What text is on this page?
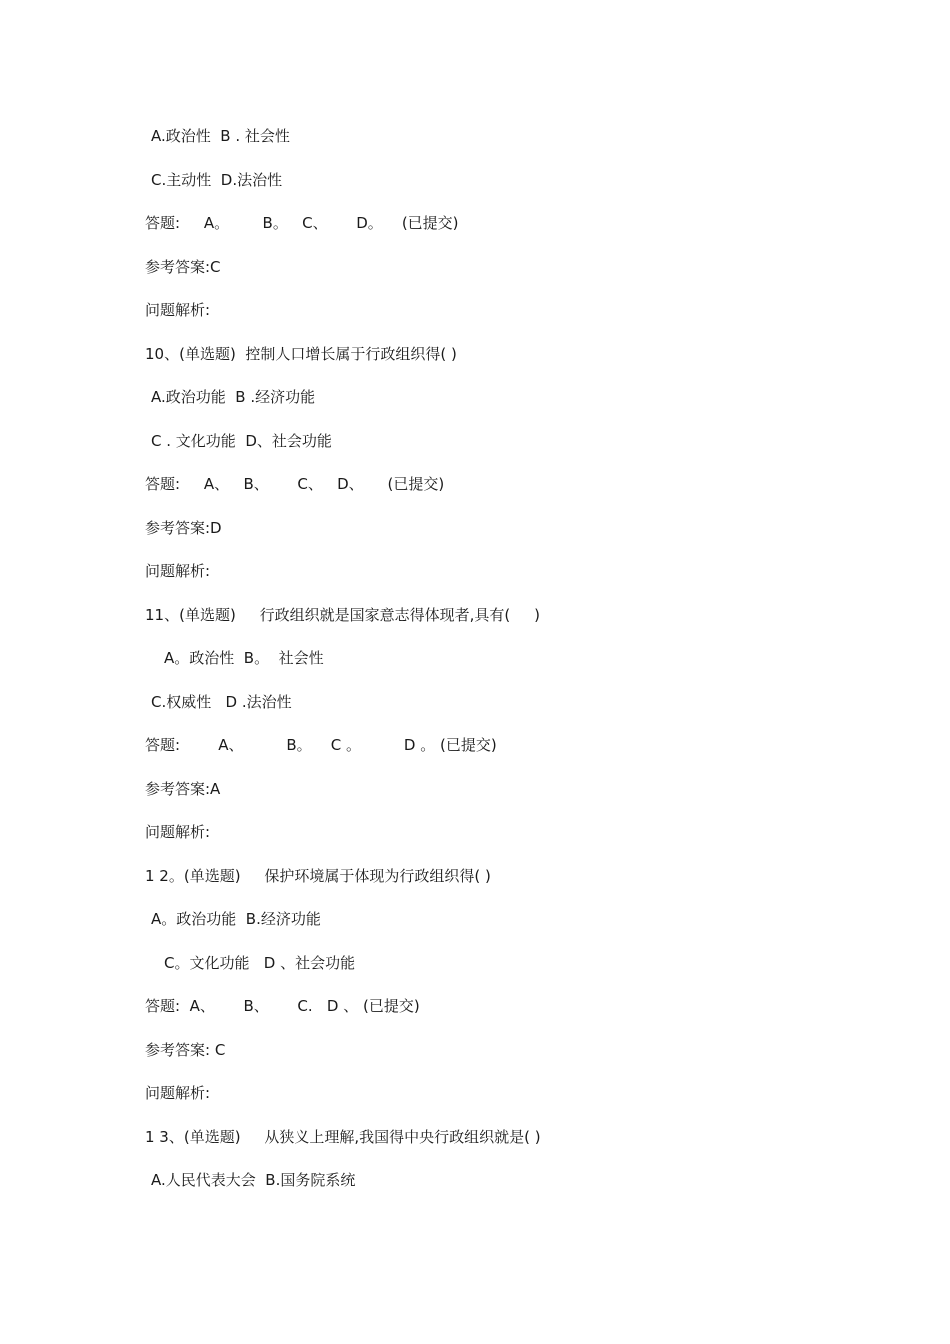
A.政治性  B . 社会性
C.主动性  D.法治性
答题:     A。       B。   C、      D。    (已提交)
参考答案:C
问题解析:
10、(单选题)  控制人口增长属于行政组织得( )
A.政治功能  B .经济功能
C . 文化功能  D、社会功能
答题:     A、   B、      C、   D、     (已提交)
参考答案:D
问题解析:
11、(单选题)     行政组织就是国家意志得体现者,具有(     )
A。政治性  B。  社会性
C.权威性   D .法治性
答题:        A、         B。    C 。         D 。 (已提交)
参考答案:A
问题解析:
1 2。(单选题)     保护环境属于体现为行政组织得( )
A。政治功能  B.经济功能
C。文化功能   D 、社会功能
答题:  A、      B、      C.   D 、 (已提交)
参考答案: C
问题解析:
1 3、(单选题)     从狭义上理解,我国得中央行政组织就是( )
A.人民代表大会  B.国务院系统
